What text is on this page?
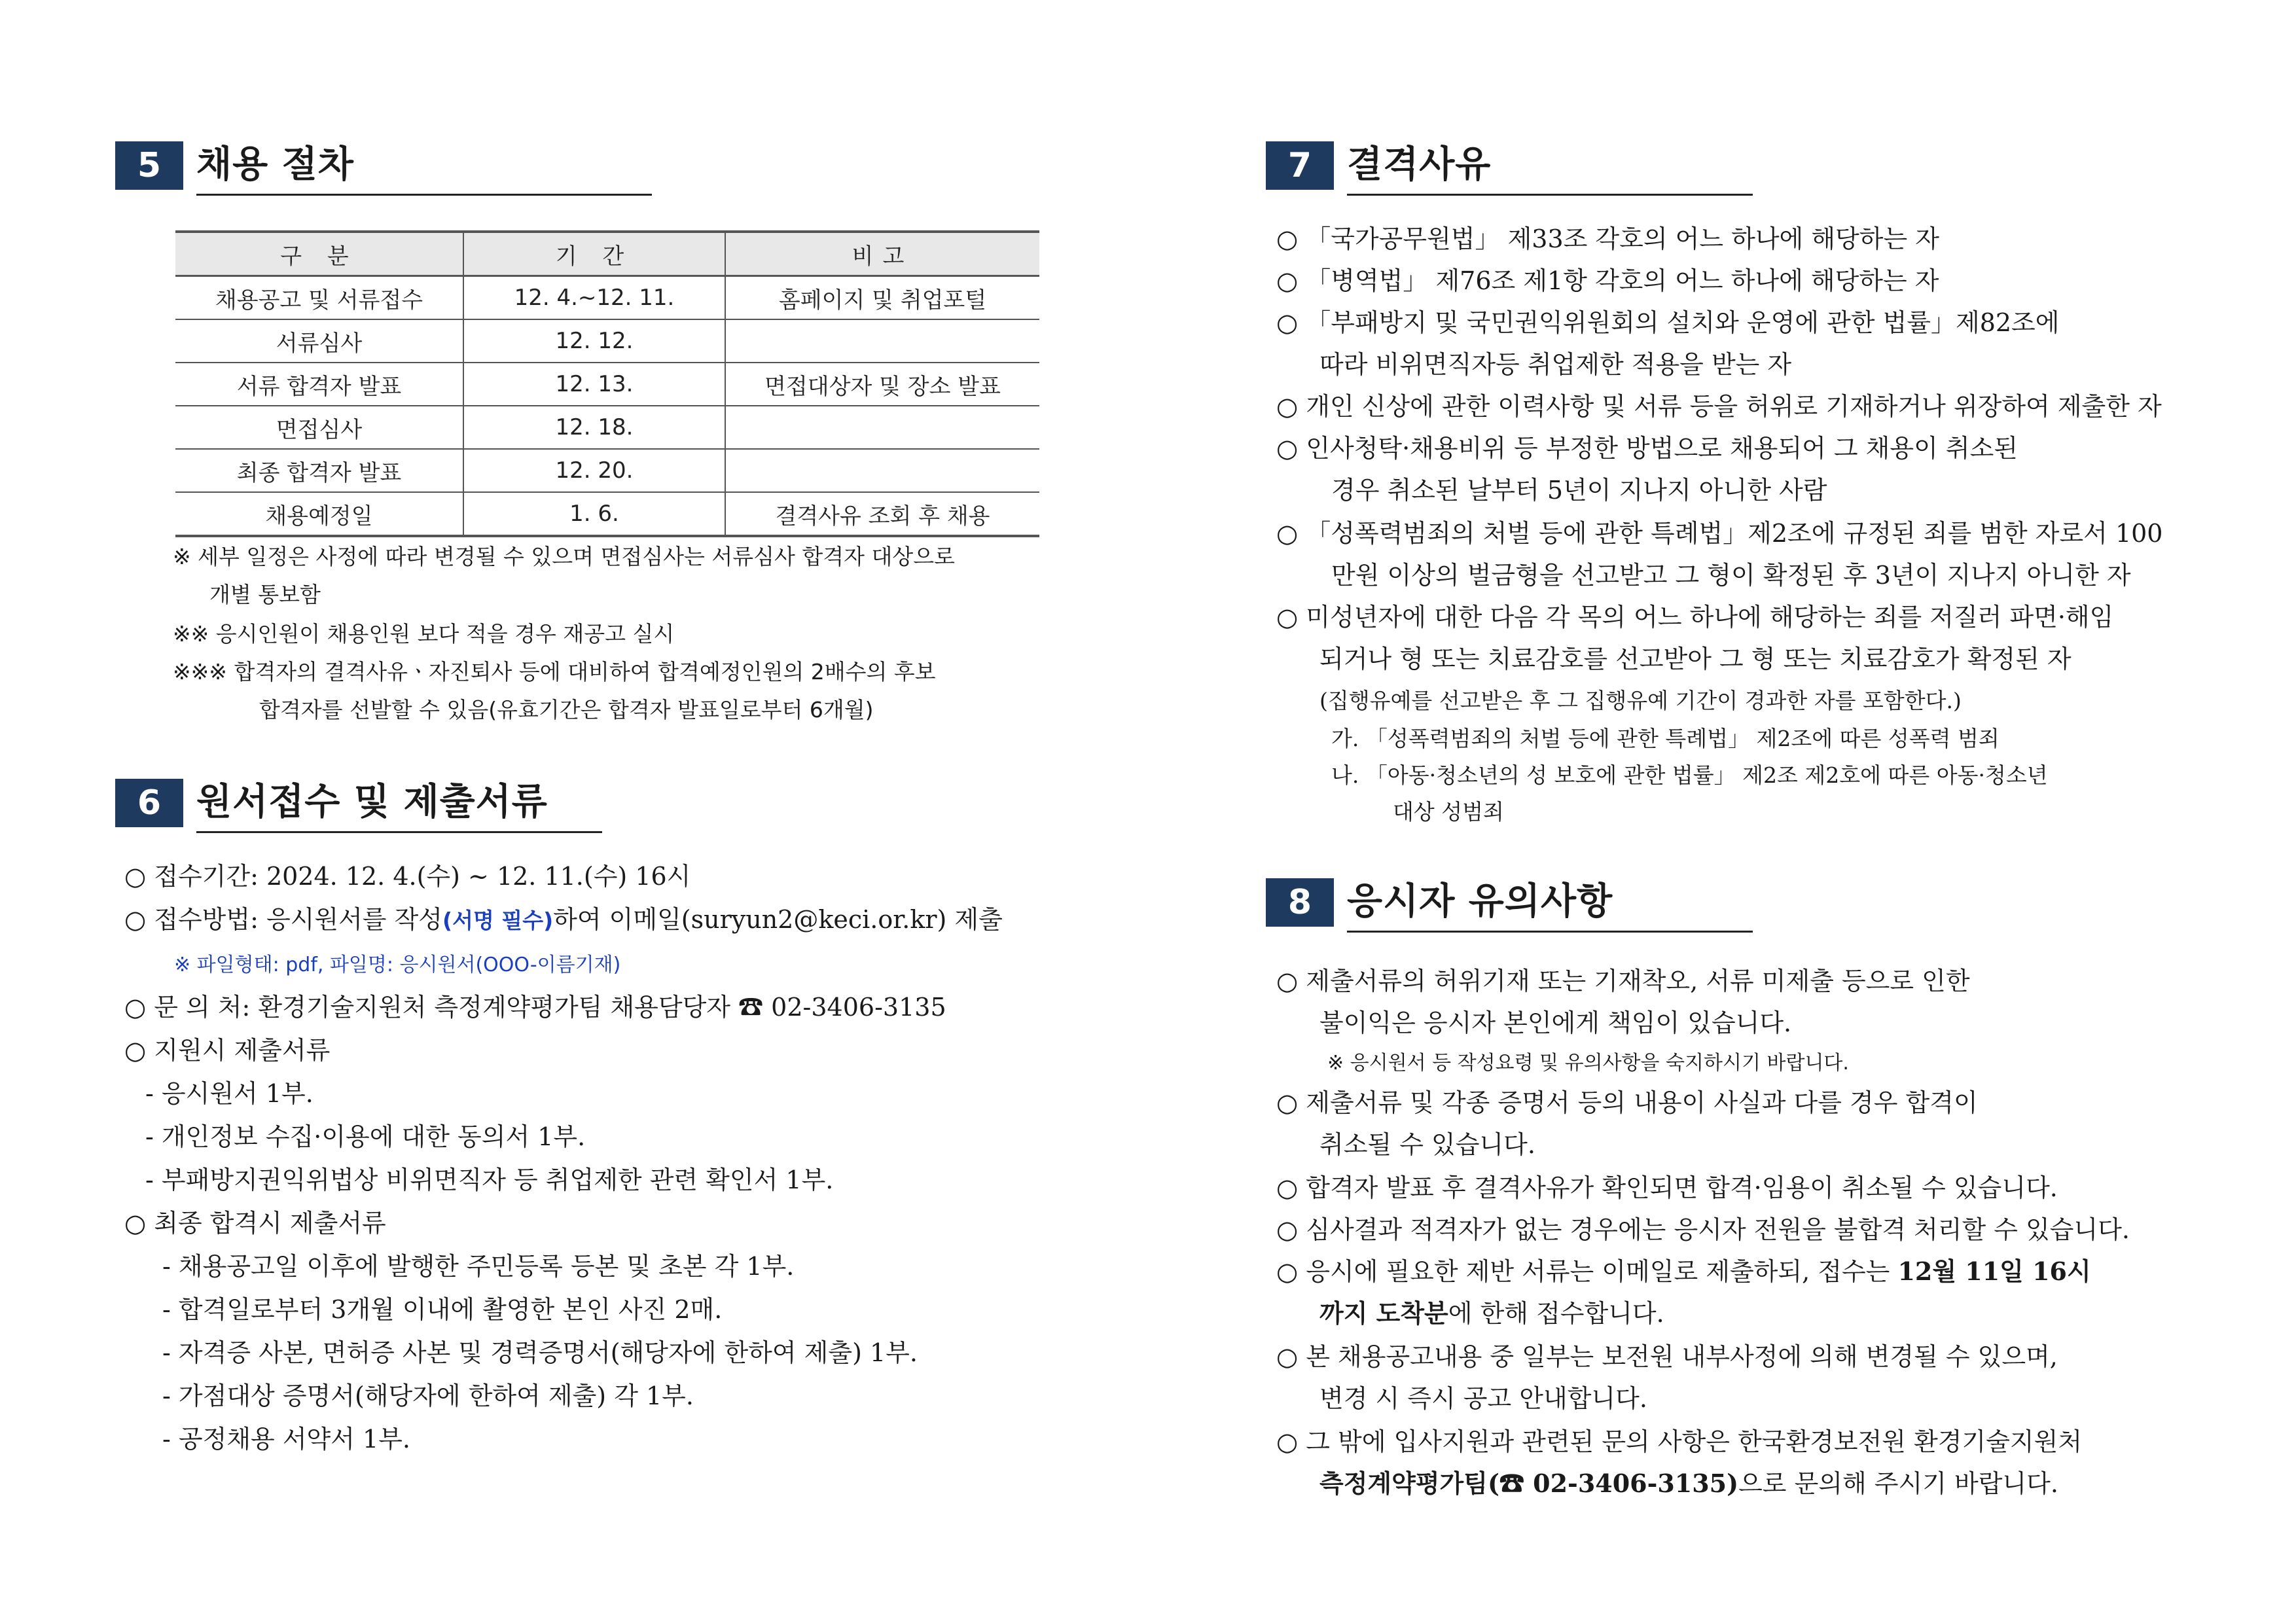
5 채용 절차
구 분	기 간	비고
채용공고 및 서류접수	12. 4.~12. 11.	홈페이지 및 취업포털
서류심사	12. 12.	
서류 합격자 발표	12. 13.	면접대상자 및 장소 발표
면접심사	12. 18.	
최종 합격자 발표	12. 20.	
채용예정일	1. 6.	결격사유 조회 후 채용
※ 세부 일정은 사정에 따라 변경될 수 있으며 면접심사는 서류심사 합격자 대상으로
개별 통보함
※※ 응시인원이 채용인원 보다 적을 경우 재공고 실시
※※※ 합격자의 결격사유ㆍ자진퇴사 등에 대비하여 합격예정인원의 2배수의 후보
합격자를 선발할 수 있음(유효기간은 합격자 발표일로부터 6개월)
6 원서접수 및 제출서류
○ 접수기간: 2024. 12. 4.(수) ~ 12. 11.(수) 16시
○ 접수방법: 응시원서를 작성(서명 필수)하여 이메일(suryun2@keci.or.kr) 제출
※ 파일형태: pdf, 파일명: 응시원서(OOO-이름기재)
○ 문 의 처: 환경기술지원처 측정계약평가팀 채용담당자 ☎ 02-3406-3135
○ 지원시 제출서류
- 응시원서 1부.
- 개인정보 수집·이용에 대한 동의서 1부.
- 부패방지권익위법상 비위면직자 등 취업제한 관련 확인서 1부.
○ 최종 합격시 제출서류
- 채용공고일 이후에 발행한 주민등록 등본 및 초본 각 1부.
- 합격일로부터 3개월 이내에 촬영한 본인 사진 2매.
- 자격증 사본, 면허증 사본 및 경력증명서(해당자에 한하여 제출) 1부.
- 가점대상 증명서(해당자에 한하여 제출) 각 1부.
- 공정채용 서약서 1부.
7 결격사유
○ 「국가공무원법」 제33조 각호의 어느 하나에 해당하는 자
○ 「병역법」 제76조 제1항 각호의 어느 하나에 해당하는 자
○ 「부패방지 및 국민권익위원회의 설치와 운영에 관한 법률」제82조에
따라 비위면직자등 취업제한 적용을 받는 자
○ 개인 신상에 관한 이력사항 및 서류 등을 허위로 기재하거나 위장하여 제출한 자
○ 인사청탁·채용비위 등 부정한 방법으로 채용되어 그 채용이 취소된
경우 취소된 날부터 5년이 지나지 아니한 사람
○ 「성폭력범죄의 처벌 등에 관한 특례법」제2조에 규정된 죄를 범한 자로서 100
만원 이상의 벌금형을 선고받고 그 형이 확정된 후 3년이 지나지 아니한 자
○ 미성년자에 대한 다음 각 목의 어느 하나에 해당하는 죄를 저질러 파면·해임
되거나 형 또는 치료감호를 선고받아 그 형 또는 치료감호가 확정된 자
(집행유예를 선고받은 후 그 집행유예 기간이 경과한 자를 포함한다.)
가. 「성폭력범죄의 처벌 등에 관한 특례법」 제2조에 따른 성폭력 범죄
나. 「아동·청소년의 성 보호에 관한 법률」 제2조 제2호에 따른 아동·청소년
대상 성범죄
8 응시자 유의사항
○ 제출서류의 허위기재 또는 기재착오, 서류 미제출 등으로 인한
불이익은 응시자 본인에게 책임이 있습니다.
※ 응시원서 등 작성요령 및 유의사항을 숙지하시기 바랍니다.
○ 제출서류 및 각종 증명서 등의 내용이 사실과 다를 경우 합격이
취소될 수 있습니다.
○ 합격자 발표 후 결격사유가 확인되면 합격·임용이 취소될 수 있습니다.
○ 심사결과 적격자가 없는 경우에는 응시자 전원을 불합격 처리할 수 있습니다.
○ 응시에 필요한 제반 서류는 이메일로 제출하되, 접수는 12월 11일 16시
까지 도착분에 한해 접수합니다.
○ 본 채용공고내용 중 일부는 보전원 내부사정에 의해 변경될 수 있으며,
변경 시 즉시 공고 안내합니다.
○ 그 밖에 입사지원과 관련된 문의 사항은 한국환경보전원 환경기술지원처
측정계약평가팀(☎ 02-3406-3135)으로 문의해 주시기 바랍니다.
